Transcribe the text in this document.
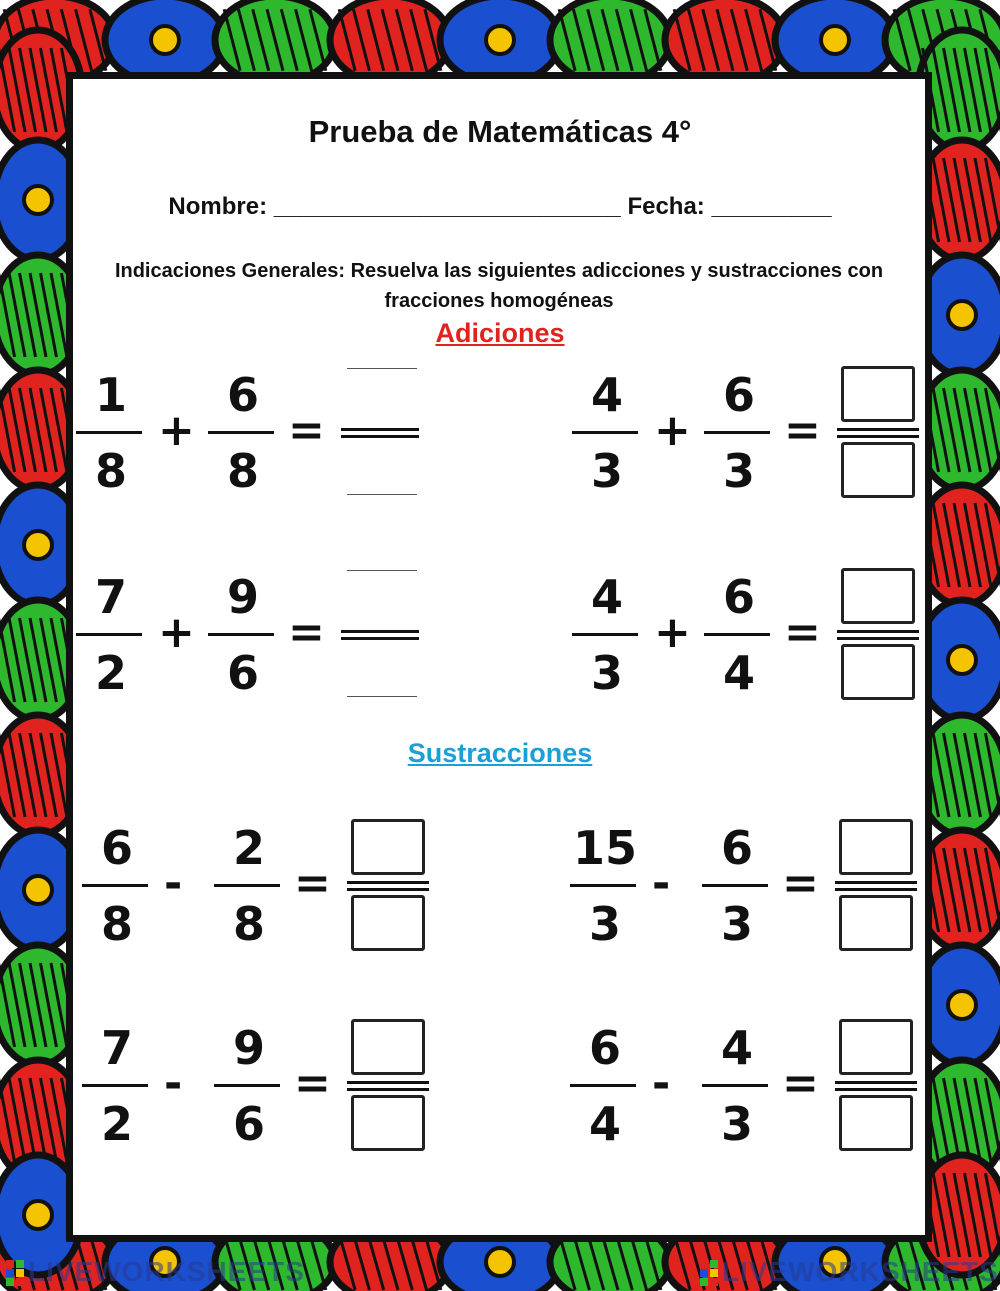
Prueba de Matemáticas 4°
Nombre: __________________________ Fecha: _________
Indicaciones Generales: Resuelva las siguientes adicciones y sustracciones con fracciones homogéneas
Adiciones
Sustracciones
1
8
+
6
8
=
4
3
+
6
3
=
7
2
+
9
6
=
4
3
+
6
4
=
6
8
-
2
8
=
15
3
-
6
3
=
7
2
-
9
6
=
6
4
-
4
3
=
LIVEWORKSHEETS	LIVEWORKSHEETS
